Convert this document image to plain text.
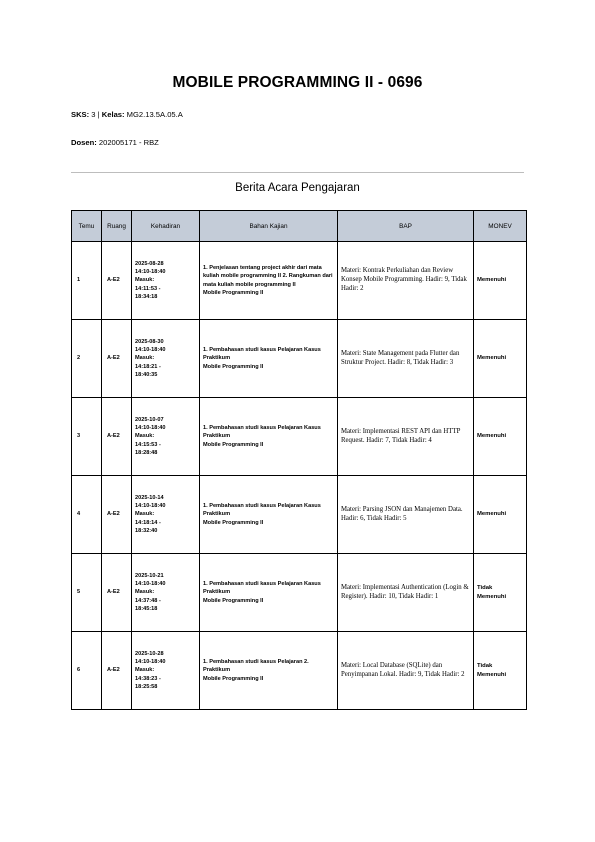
MOBILE PROGRAMMING II - 0696
SKS: 3 | Kelas: MG2.13.5A.05.A
Dosen: 202005171 - RBZ
Berita Acara Pengajaran
Temu	Ruang	Kehadiran	Bahan Kajian	BAP	MONEV
1	A-E2	2025-08-28
14:10-18:40
Masuk:
14:11:53 -
18:34:18	1. Penjelasan tentang project akhir dari mata kuliah mobile programming II 2. Rangkuman dari mata kuliah mobile programming II
Mobile Programming II	Materi: Kontrak Perkuliahan dan Review Konsep Mobile Programming. Hadir: 9, Tidak Hadir: 2	Memenuhi
2	A-E2	2025-08-30
14:10-18:40
Masuk:
14:18:21 -
18:40:35	1. Pembahasan studi kasus Pelajaran Kasus Praktikum
Mobile Programming II	Materi: State Management pada Flutter dan Struktur Project. Hadir: 8, Tidak Hadir: 3	Memenuhi
3	A-E2	2025-10-07
14:10-18:40
Masuk:
14:15:53 -
18:28:48	1. Pembahasan studi kasus Pelajaran Kasus Praktikum
Mobile Programming II	Materi: Implementasi REST API dan HTTP Request. Hadir: 7, Tidak Hadir: 4	Memenuhi
4	A-E2	2025-10-14
14:10-18:40
Masuk:
14:18:14 -
18:32:40	1. Pembahasan studi kasus Pelajaran Kasus Praktikum
Mobile Programming II	Materi: Parsing JSON dan Manajemen Data. Hadir: 6, Tidak Hadir: 5	Memenuhi
5	A-E2	2025-10-21
14:10-18:40
Masuk:
14:37:48 -
18:45:18	1. Pembahasan studi kasus Pelajaran Kasus Praktikum
Mobile Programming II	Materi: Implementasi Authentication (Login & Register). Hadir: 10, Tidak Hadir: 1	Tidak Memenuhi
6	A-E2	2025-10-28
14:10-18:40
Masuk:
14:38:23 -
18:25:58	1. Pembahasan studi kasus Pelajaran 2. Praktikum
Mobile Programming II	Materi: Local Database (SQLite) dan Penyimpanan Lokal. Hadir: 9, Tidak Hadir: 2	Tidak Memenuhi
